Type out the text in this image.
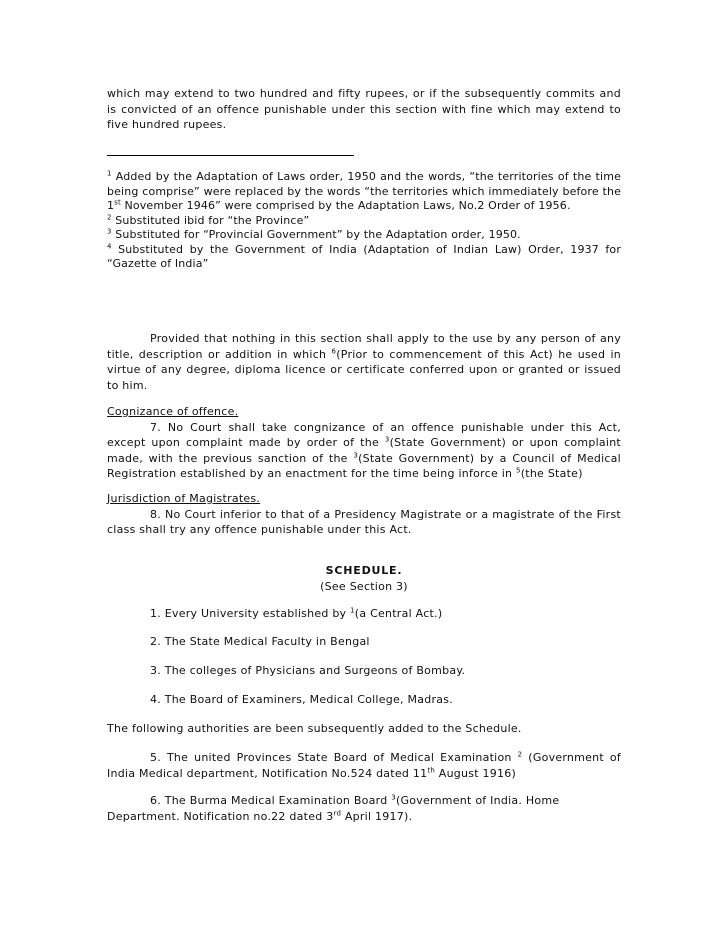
which may extend to two hundred and fifty rupees, or if the subsequently commits and is convicted of an offence punishable under this section with fine which may extend to five hundred rupees.

$^1$ Added by the Adaptation of Laws order, 1950 and the words, “the territories of the time being comprise” were replaced by the words “the territories which immediately before the 1st November 1946” were comprised by the Adaptation Laws, No.2 Order of 1956.

$^2$ Substituted ibid for “the Province”

$^3$ Substituted for “Provincial Government” by the Adaptation order, 1950.

$^4$ Substituted by the Government of India (Adaptation of Indian Law) Order, 1937 for “Gazette of India”

Provided that nothing in this section shall apply to the use by any person of any title, description or addition in which $^6$(Prior to commencement of this Act) he used in virtue of any degree, diploma licence or certificate conferred upon or granted or issued to him.

Cognizance of offence.

7. No Court shall take congnizance of an offence punishable under this Act, except upon complaint made by order of the $^3$(State Government) or upon complaint made, with the previous sanction of the $^3$(State Government) by a Council of Medical Registration established by an enactment for the time being inforce in $^5$(the State)

Jurisdiction of Magistrates.

8. No Court inferior to that of a Presidency Magistrate or a magistrate of the First class shall try any offence punishable under this Act.

SCHEDULE.

(See Section 3)

1. Every University established by $^1$(a Central Act.)

2. The State Medical Faculty in Bengal

3. The colleges of Physicians and Surgeons of Bombay.

4. The Board of Examiners, Medical College, Madras.

The following authorities are been subsequently added to the Schedule.

5. The united Provinces State Board of Medical Examination $^2$ (Government of India Medical department, Notification No.524 dated 11th August 1916)

6. The Burma Medical Examination Board $^3$(Government of India. Home Department. Notification no.22 dated 3rd April 1917).
